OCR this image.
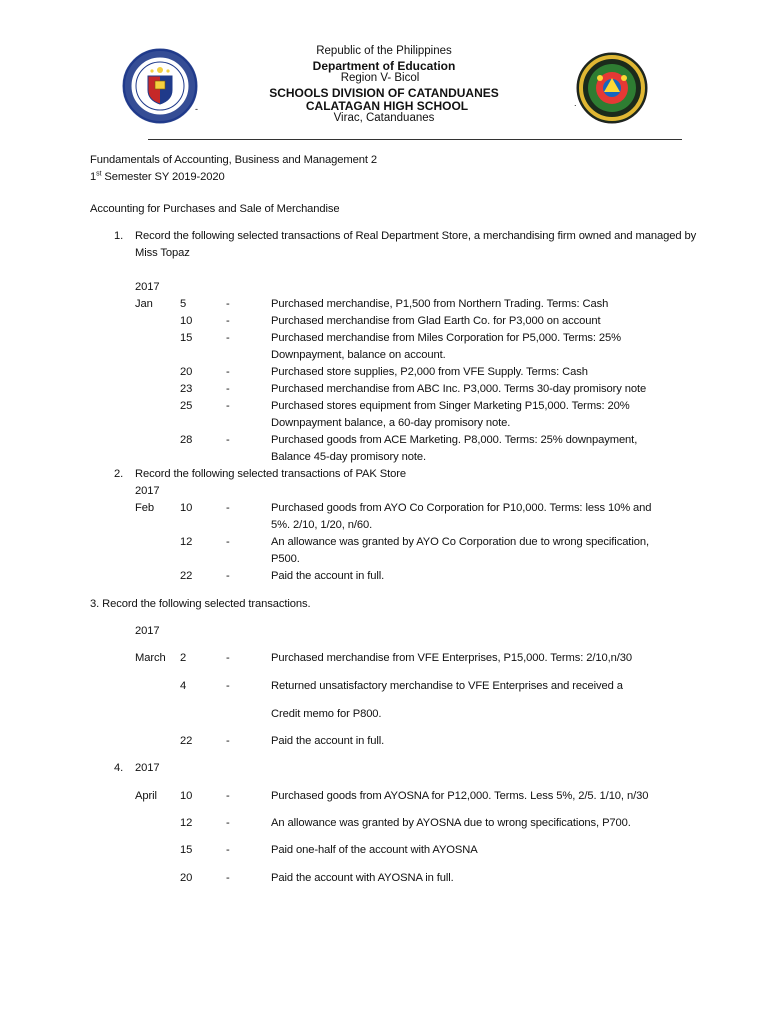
-
.
Republic of the Philippines
Department of Education
Region V- Bicol
SCHOOLS DIVISION OF CATANDUANES
CALATAGAN HIGH SCHOOL
Virac, Catanduanes
Fundamentals of Accounting, Business and Management 2
1st Semester SY 2019-2020
Accounting for Purchases and Sale of Merchandise
1. Record the following selected transactions of Real Department Store, a merchandising firm owned and managed by
Miss Topaz
2017
Jan 5	-	Purchased merchandise, P1,500 from Northern Trading. Terms: Cash
10	-	Purchased merchandise from Glad Earth Co. for P3,000 on account
15	-	Purchased merchandise from Miles Corporation for P5,000. Terms: 25%
Downpayment, balance on account.
20	-	Purchased store supplies, P2,000 from VFE Supply. Terms: Cash
23	-	Purchased merchandise from ABC Inc. P3,000. Terms 30-day promisory note
25	-	Purchased stores equipment from Singer Marketing P15,000. Terms: 20%
Downpayment balance, a 60-day promisory note.
28	-	Purchased goods from ACE Marketing. P8,000. Terms: 25% downpayment,
Balance 45-day promisory note.
2. Record the following selected transactions of PAK Store
2017
Feb 10	-	Purchased goods from AYO Co Corporation for P10,000. Terms: less 10% and
5%. 2/10, 1/20, n/60.
12	-	An allowance was granted by AYO Co Corporation due to wrong specification,
P500.
22	-	Paid the account in full.
3. Record the following selected transactions.
2017
March 2	-	Purchased merchandise from VFE Enterprises, P15,000. Terms: 2/10,n/30
4	-	Returned unsatisfactory merchandise to VFE Enterprises and received a
Credit memo for P800.
22	-	Paid the account in full.
4. 2017
April 10	-	Purchased goods from AYOSNA for P12,000. Terms. Less 5%, 2/5. 1/10, n/30
12	-	An allowance was granted by AYOSNA due to wrong specifications, P700.
15	-	Paid one-half of the account with AYOSNA
20	-	Paid the account with AYOSNA in full.
